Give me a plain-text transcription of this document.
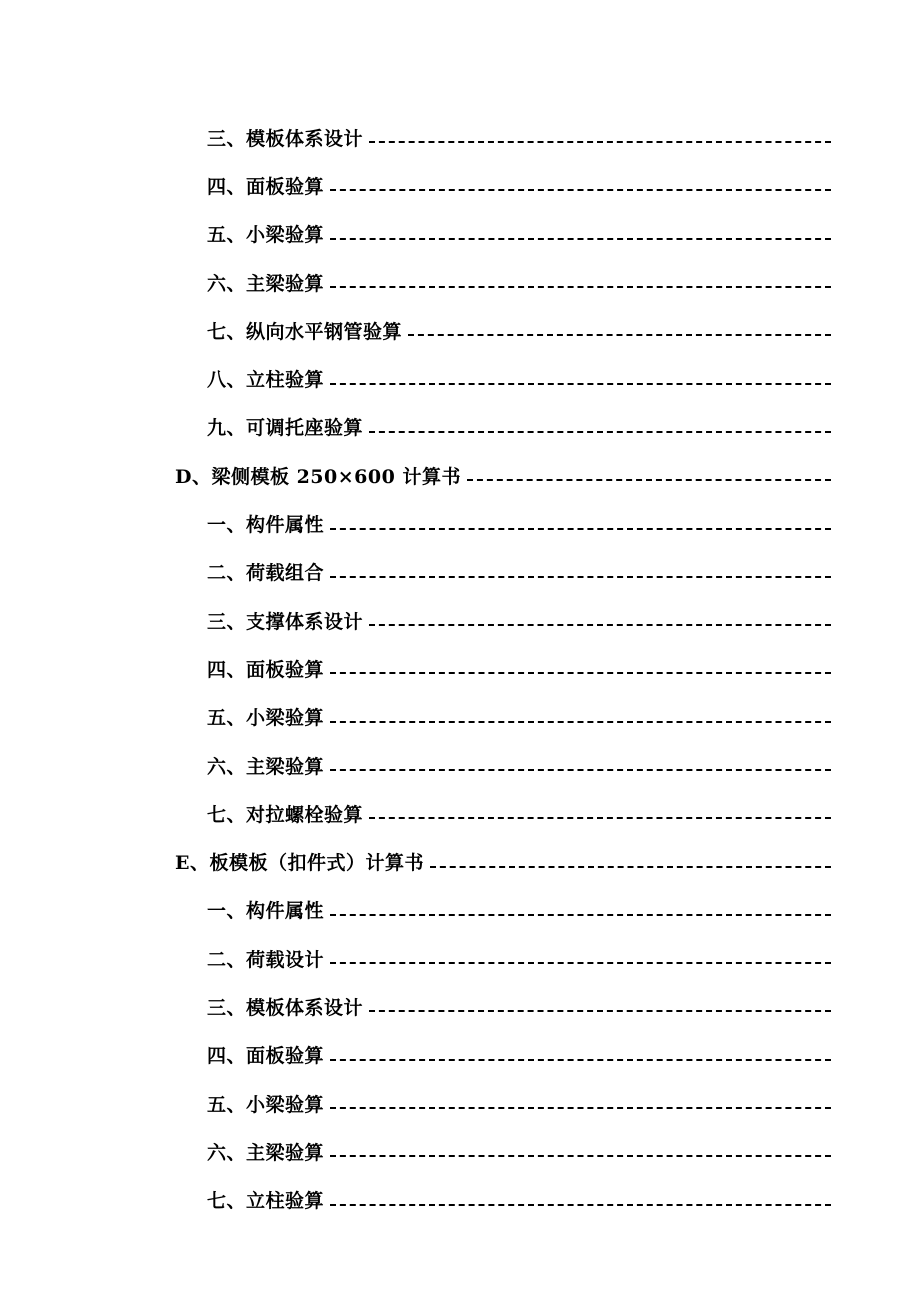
三、模板体系设计
四、面板验算
五、小梁验算
六、主梁验算
七、纵向水平钢管验算
八、立柱验算
九、可调托座验算
D、梁侧模板 250×600 计算书
一、构件属性
二、荷载组合
三、支撑体系设计
四、面板验算
五、小梁验算
六、主梁验算
七、对拉螺栓验算
E、板模板（扣件式）计算书
一、构件属性
二、荷载设计
三、模板体系设计
四、面板验算
五、小梁验算
六、主梁验算
七、立柱验算
